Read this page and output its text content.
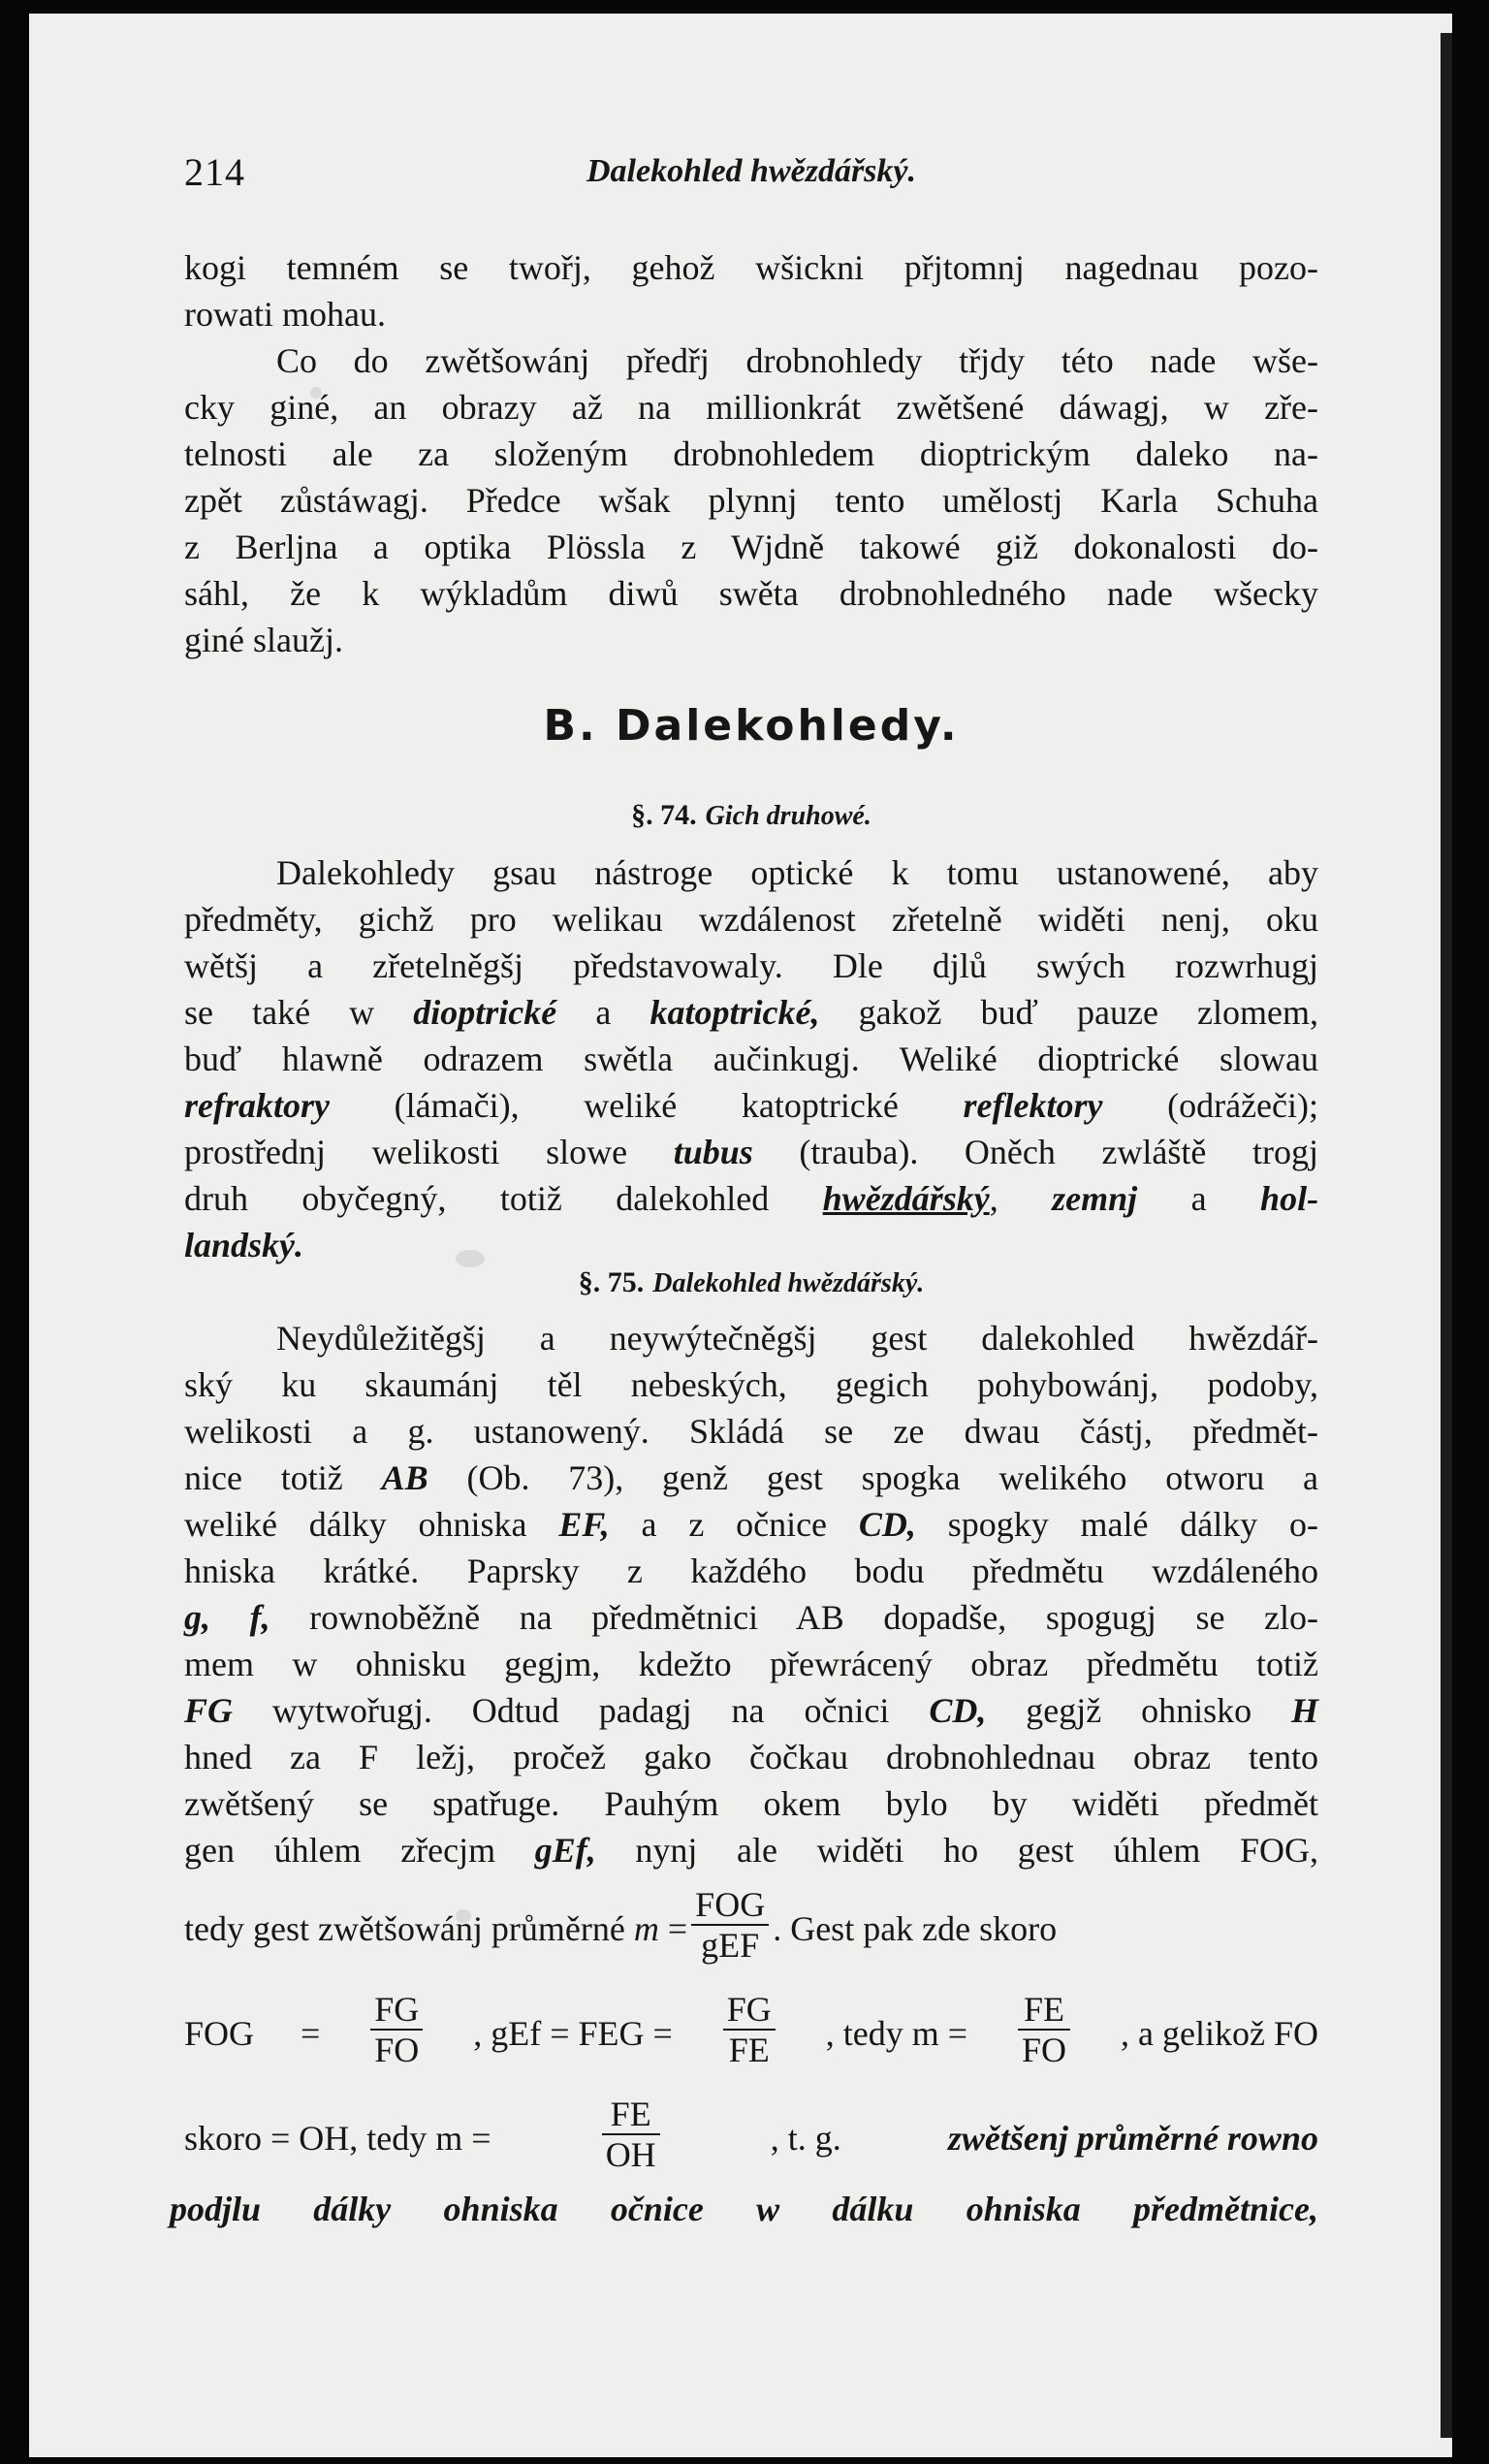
214	Dalekohled hwězdářský.
kogi temném se twořj, gehož wšickni přjtomnj nagednau pozo-
rowati mohau.
Co do zwětšowánj předřj drobnohledy třjdy této nade wše-
cky giné, an obrazy až na millionkrát zwětšené dáwagj, w zře-
telnosti ale za složeným drobnohledem dioptrickým daleko na-
zpět zůstáwagj. Předce wšak plynnj tento umělostj Karla Schuha
z Berljna a optika Plössla z Wjdně takowé giž dokonalosti do-
sáhl, že k wýkladům diwů swěta drobnohledného nade wšecky
giné slaužj.
B. Dalekohledy.
§. 74. Gich druhowé.
Dalekohledy gsau nástroge optické k tomu ustanowené, aby
předměty, gichž pro welikau wzdálenost zřetelně widěti nenj, oku
wětšj a zřetelněgšj představowaly. Dle djlů swých rozwrhugj
se také w dioptrické a katoptrické, gakož buď pauze zlomem,
buď hlawně odrazem swětla aučinkugj. Weliké dioptrické slowau
refraktory (lámači), weliké katoptrické reflektory (odrážeči);
prostřednj welikosti slowe tubus (trauba). Oněch zwláště trogj
druh obyčegný, totiž dalekohled hwězdářský, zemnj a hol-
landský.
§. 75. Dalekohled hwězdářský.
Neydůležitěgšj a neywýtečněgšj gest dalekohled hwězdář-
ský ku skaumánj těl nebeských, gegich pohybowánj, podoby,
welikosti a g. ustanowený. Skládá se ze dwau částj, předmět-
nice totiž AB (Ob. 73), genž gest spogka welikého otworu a
weliké dálky ohniska EF, a z očnice CD, spogky malé dálky o-
hniska krátké. Paprsky z každého bodu předmětu wzdáleného
g, f, rownoběžně na předmětnici AB dopadše, spogugj se zlo-
mem w ohnisku gegjm, kdežto přewrácený obraz předmětu totiž
FG wytwořugj. Odtud padagj na očnici CD, gegjž ohnisko H
hned za F ležj, pročež gako čočkau drobnohlednau obraz tento
zwětšený se spatřuge. Pauhým okem bylo by widěti předmět
gen úhlem zřecjm gEf, nynj ale widěti ho gest úhlem FOG,
tedy gest zwětšowánj průměrné
m
= $\frac{\text{FOG}}{\text{gEF}}$ . Gest pak zde skoro
FOG = $\frac{FG}{FO}$ , gEf = FEG = $\frac{FG}{FE}$ , tedy $m = \frac{FE}{FO}$ , a gelikož FO
skoro = OH, tedy m =	$\frac{FE}{OH}$	, t. g.	zwětšenj průměrné rowno
podjlu dálky ohniska očnice w dálku ohniska předmětnice,
